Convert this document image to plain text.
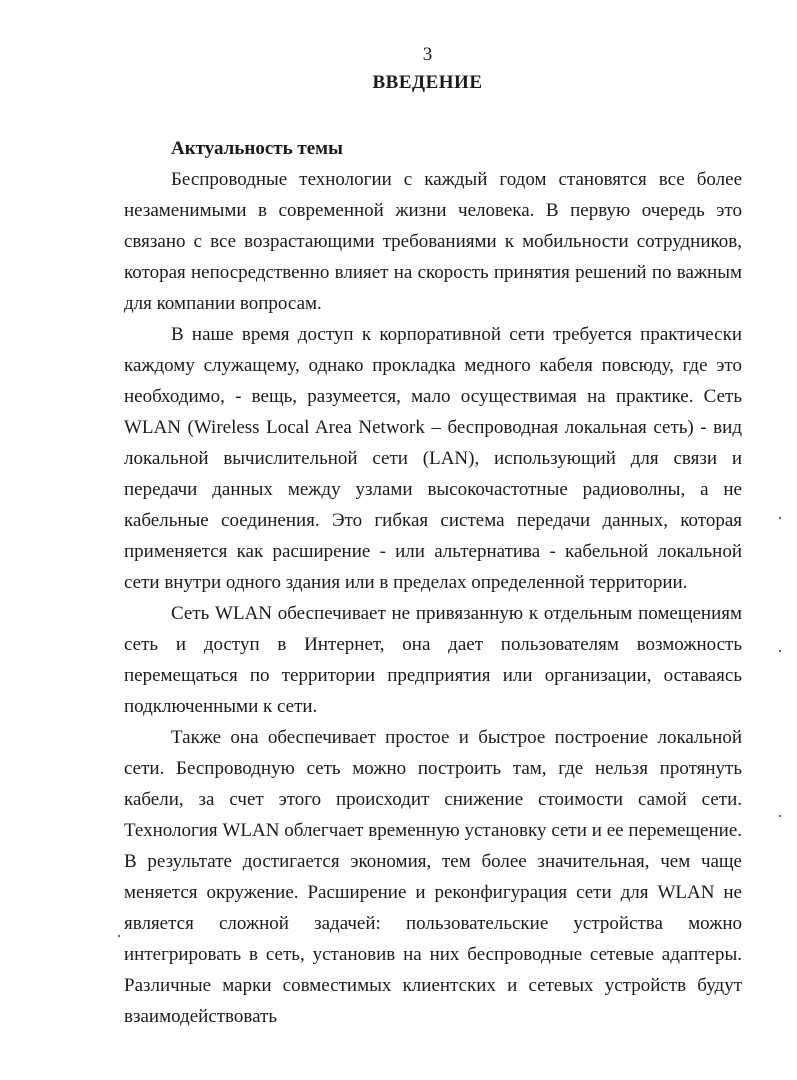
3
ВВЕДЕНИЕ

Актуальность темы

Беспроводные технологии с каждый годом становятся все более незаменимыми в современной жизни человека. В первую очередь это связано с все возрастающими требованиями к мобильности сотрудников, которая непосредственно влияет на скорость принятия решений по важным для компании вопросам.

В наше время доступ к корпоративной сети требуется практически каждому служащему, однако прокладка медного кабеля повсюду, где это необходимо, - вещь, разумеется, мало осуществимая на практике. Сеть WLAN (Wireless Local Area Network – беспроводная локальная сеть) - вид локальной вычислительной сети (LAN), использующий для связи и передачи данных между узлами высокочастотные радиоволны, а не кабельные соединения. Это гибкая система передачи данных, которая применяется как расширение - или альтернатива - кабельной локальной сети внутри одного здания или в пределах определенной территории.

Сеть WLAN обеспечивает не привязанную к отдельным помещениям сеть и доступ в Интернет, она дает пользователям возможность перемещаться по территории предприятия или организации, оставаясь подключенными к сети.

Также она обеспечивает простое и быстрое построение локальной сети. Беспроводную сеть можно построить там, где нельзя протянуть кабели, за счет этого происходит снижение стоимости самой сети. Технология WLAN облегчает временную установку сети и ее перемещение. В результате достигается экономия, тем более значительная, чем чаще меняется окружение. Расширение и реконфигурация сети для WLAN не является сложной задачей: пользовательские устройства можно интегрировать в сеть, установив на них беспроводные сетевые адаптеры. Различные марки совместимых клиентских и сетевых устройств будут взаимодействовать
